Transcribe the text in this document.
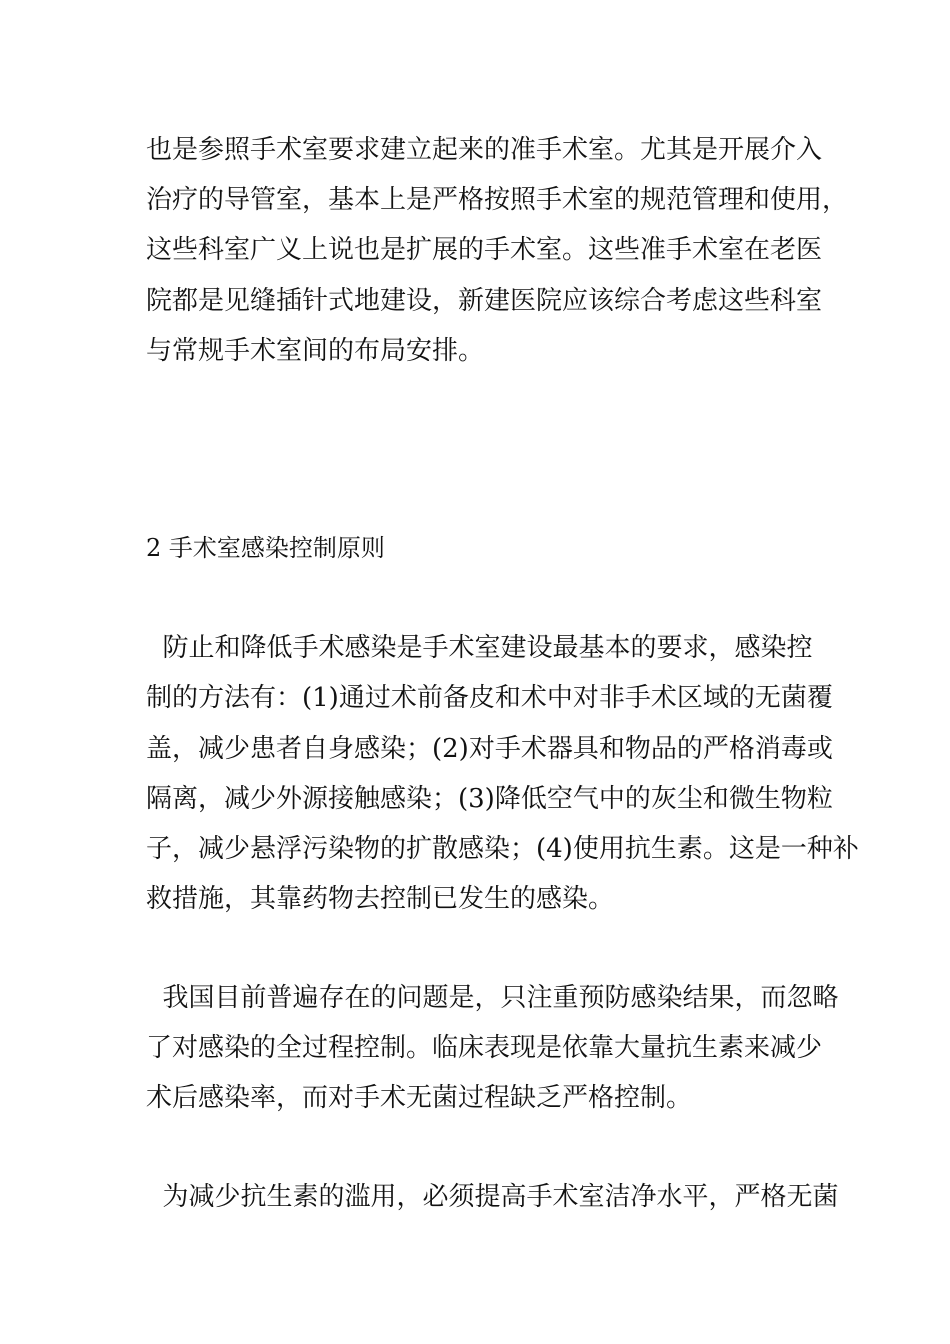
也是参照手术室要求建立起来的准手术室。尤其是开展介入
治疗的导管室，基本上是严格按照手术室的规范管理和使用，
这些科室广义上说也是扩展的手术室。这些准手术室在老医
院都是见缝插针式地建设，新建医院应该综合考虑这些科室
与常规手术室间的布局安排。
2 手术室感染控制原则
防止和降低手术感染是手术室建设最基本的要求，感染控
制的方法有：(1)通过术前备皮和术中对非手术区域的无菌覆
盖，减少患者自身感染；(2)对手术器具和物品的严格消毒或
隔离，减少外源接触感染；(3)降低空气中的灰尘和微生物粒
子，减少悬浮污染物的扩散感染；(4)使用抗生素。这是一种补
救措施，其靠药物去控制已发生的感染。
我国目前普遍存在的问题是，只注重预防感染结果，而忽略
了对感染的全过程控制。临床表现是依靠大量抗生素来减少
术后感染率，而对手术无菌过程缺乏严格控制。
为减少抗生素的滥用，必须提高手术室洁净水平，严格无菌
